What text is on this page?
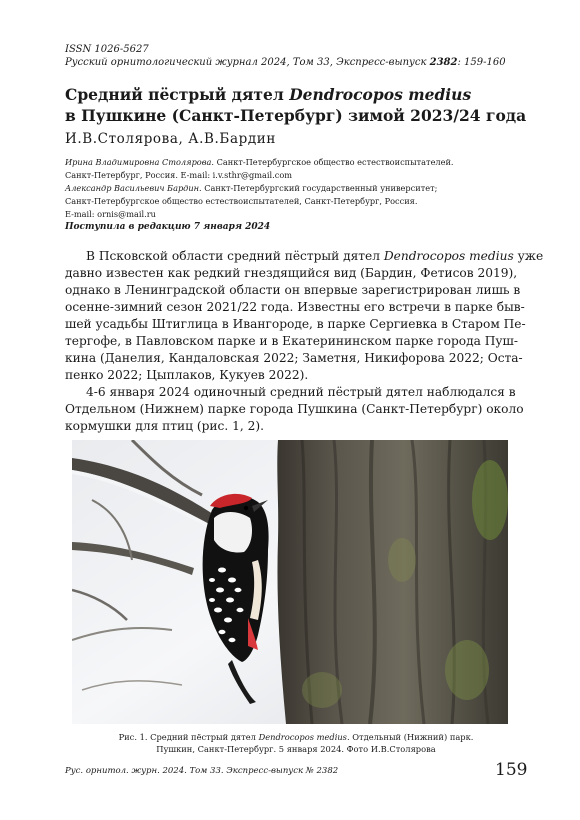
ISSN 1026-5627
Русский орнитологический журнал 2024, Том 33, Экспресс-выпуск 2382: 159-160
Средний пёстрый дятел Dendrocopos medius
в Пушкине (Санкт-Петербург) зимой 2023/24 года
И.В.Столярова, А.В.Бардин
Ирина Владимировна Столярова. Санкт-Петербургское общество естествоиспытателей.
Санкт-Петербург, Россия. E-mail: i.v.sthr@gmail.com
Александр Васильевич Бардин. Санкт-Петербургский государственный университет;
Санкт-Петербургское общество естествоиспытателей, Санкт-Петербург, Россия.
E-mail: ornis@mail.ru
Поступила в редакцию 7 января 2024
В Псковской области средний пёстрый дятел Dendrocopos medius уже
давно известен как редкий гнездящийся вид (Бардин, Фетисов 2019),
однако в Ленинградской области он впервые зарегистрирован лишь в
осенне-зимний сезон 2021/22 года. Известны его встречи в парке быв-
шей усадьбы Штиглица в Ивангороде, в парке Сергиевка в Старом Пе-
тергофе, в Павловском парке и в Екатерининском парке города Пуш-
кина (Данелия, Кандаловская 2022; Заметня, Никифорова 2022; Оста-
пенко 2022; Цыплаков, Кукуев 2022).
4-6 января 2024 одиночный средний пёстрый дятел наблюдался в
Отдельном (Нижнем) парке города Пушкина (Санкт-Петербург) около
кормушки для птиц (рис. 1, 2).
Рис. 1. Средний пёстрый дятел Dendrocopos medius. Отдельный (Нижний) парк.
Пушкин, Санкт-Петербург. 5 января 2024. Фото И.В.Столярова
Рус. орнитол. журн. 2024. Том 33. Экспресс-выпуск № 2382	159
